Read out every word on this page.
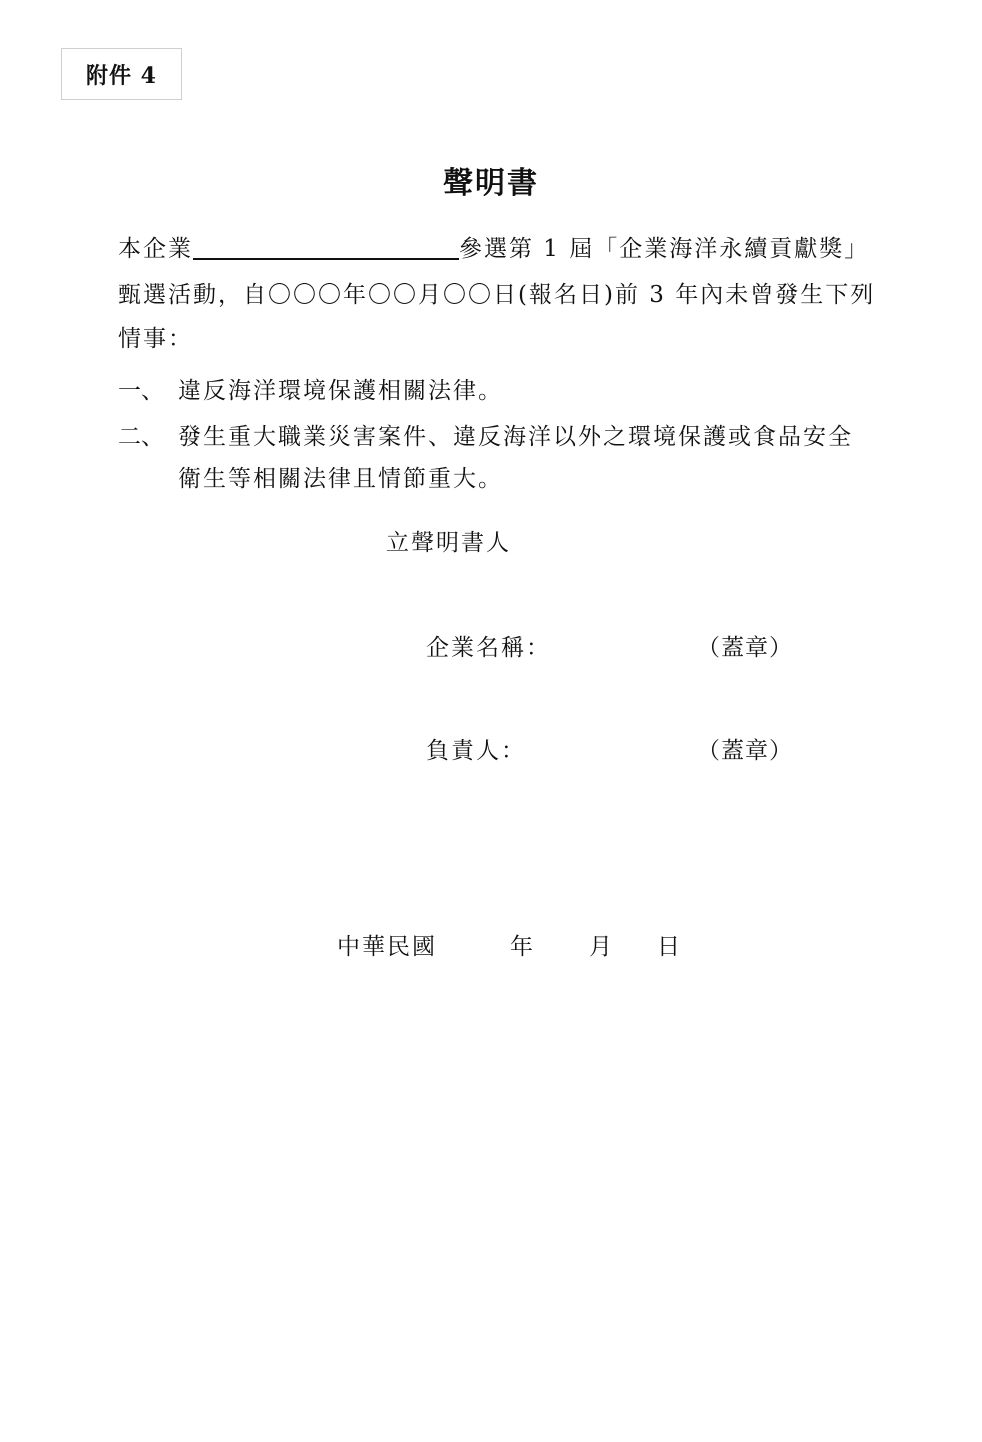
附件 4
聲明書
本企業	參選第 1 屆「企業海洋永續貢獻獎」
甄選活動，自〇〇〇年〇〇月〇〇日(報名日)前 3 年內未曾發生下列
情事：
一、 違反海洋環境保護相關法律。
二、 發生重大職業災害案件、違反海洋以外之環境保護或食品安全
衛生等相關法律且情節重大。
立聲明書人
企業名稱：	（蓋章）
負責人：	（蓋章）
中華民國	年 月 日
